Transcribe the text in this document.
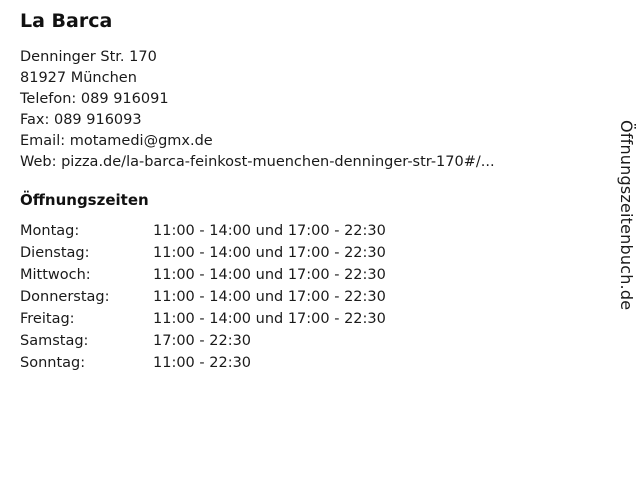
La Barca
Denninger Str. 170
81927 München
Telefon: 089 916091
Fax: 089 916093
Email: motamedi@gmx.de
Web: pizza.de/la-barca-feinkost-muenchen-denninger-str-170#/...
Öffnungszeiten
Montag:	11:00 - 14:00 und 17:00 - 22:30
Dienstag:	11:00 - 14:00 und 17:00 - 22:30
Mittwoch:	11:00 - 14:00 und 17:00 - 22:30
Donnerstag:	11:00 - 14:00 und 17:00 - 22:30
Freitag:	11:00 - 14:00 und 17:00 - 22:30
Samstag:	17:00 - 22:30
Sonntag:	11:00 - 22:30
Öffnungszeitenbuch.de
